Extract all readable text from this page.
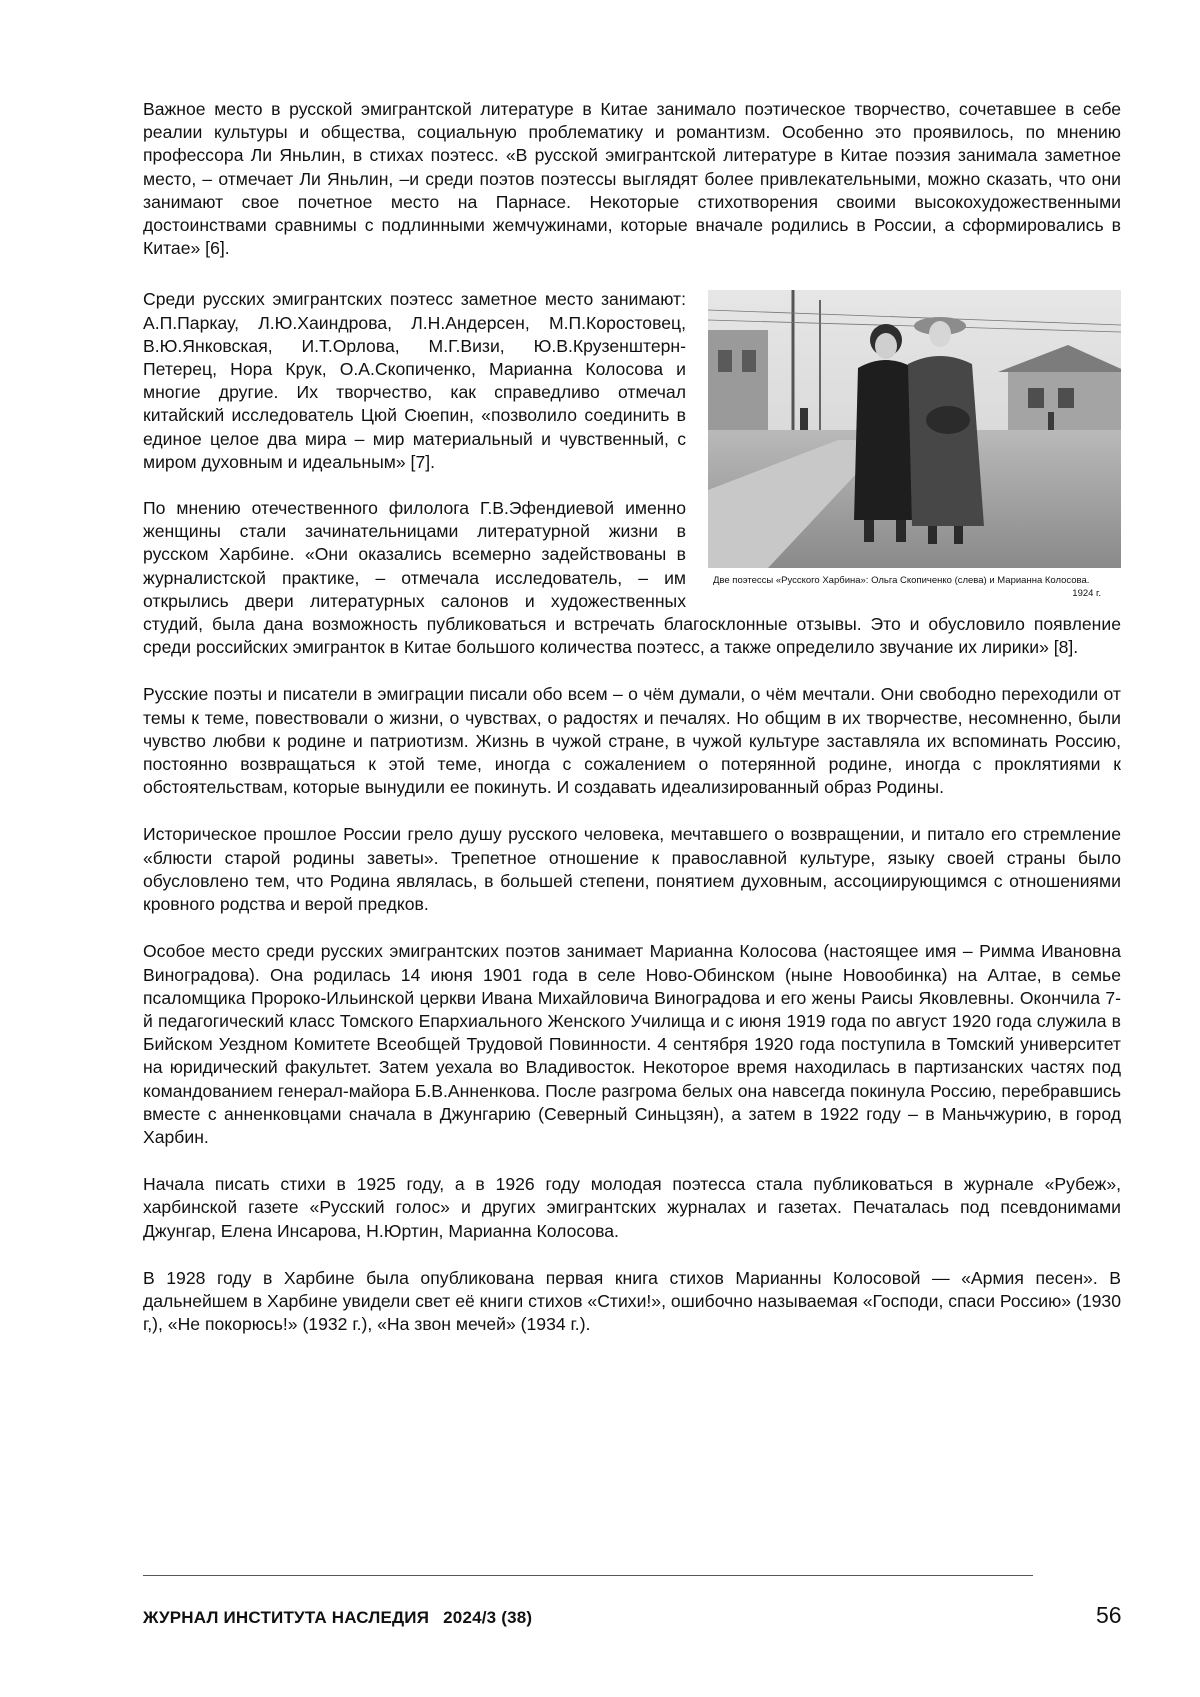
Важное место в русской эмигрантской литературе в Китае занимало поэтическое творчество, сочетавшее в себе реалии культуры и общества, социальную проблематику и романтизм. Особенно это проявилось, по мнению профессора Ли Яньлин, в стихах поэтесс. «В русской эмигрантской литературе в Китае поэзия занимала заметное место, – отмечает Ли Яньлин, ‒и среди поэтов поэтессы выглядят более привлекательными, можно сказать, что они занимают свое почетное место на Парнасе. Некоторые стихотворения своими высокохудожественными достоинствами сравнимы с подлинными жемчужинами, которые вначале родились в России, а сформировались в Китае» [6].

Две поэтессы «Русского Харбина»: Ольга Скопиченко (слева) и Марианна Колосова.
1924 г.

Среди русских эмигрантских поэтесс заметное место занимают: А.П.Паркау, Л.Ю.Хаиндрова, Л.Н.Андерсен, М.П.Коростовец, В.Ю.Янковская, И.Т.Орлова, М.Г.Визи, Ю.В.Крузенштерн-Петерец, Нора Крук, О.А.Скопиченко, Марианна Колосова и многие другие. Их творчество, как справедливо отмечал китайский исследователь Цюй Сюепин, «позволило соединить в единое целое два мира – мир материальный и чувственный, с миром духовным и идеальным» [7].

По мнению отечественного филолога Г.В.Эфендиевой именно женщины стали зачинательницами литературной жизни в русском Харбине. «Они оказались всемерно задействованы в журналистской практике, ‒ отмечала исследователь, ‒ им открылись двери литературных салонов и художественных студий, была дана возможность публиковаться и встречать благосклонные отзывы. Это и обусловило появление среди российских эмигранток в Китае большого количества поэтесс, а также определило звучание их лирики» [8].

Русские поэты и писатели в эмиграции писали обо всем – о чём думали, о чём мечтали. Они свободно переходили от темы к теме, повествовали о жизни, о чувствах, о радостях и печалях. Но общим в их творчестве, несомненно, были чувство любви к родине и патриотизм. Жизнь в чужой стране, в чужой культуре заставляла их вспоминать Россию, постоянно возвращаться к этой теме, иногда с сожалением о потерянной родине, иногда с проклятиями к обстоятельствам, которые вынудили ее покинуть. И создавать идеализированный образ Родины.

Историческое прошлое России грело душу русского человека, мечтавшего о возвращении, и питало его стремление «блюсти старой родины заветы». Трепетное отношение к православной культуре, языку своей страны было обусловлено тем, что Родина являлась, в большей степени, понятием духовным, ассоциирующимся с отношениями кровного родства и верой предков.

Особое место среди русских эмигрантских поэтов занимает Марианна Колосова (настоящее имя – Римма Ивановна Виноградова). Она родилась 14 июня 1901 года в селе Ново-Обинском (ныне Новообинка) на Алтае, в семье псаломщика Пророко-Ильинской церкви Ивана Михайловича Виноградова и его жены Раисы Яковлевны. Окончила 7-й педагогический класс Томского Епархиального Женского Училища и с июня 1919 года по август 1920 года служила в Бийском Уездном Комитете Всеобщей Трудовой Повинности. 4 сентября 1920 года поступила в Томский университет на юридический факультет. Затем уехала во Владивосток. Некоторое время находилась в партизанских частях под командованием генерал-майора Б.В.Анненкова. После разгрома белых она навсегда покинула Россию, перебравшись вместе с анненковцами сначала в Джунгарию (Северный Синьцзян), а затем в 1922 году – в Маньчжурию, в город Харбин.

Начала писать стихи в 1925 году, а в 1926 году молодая поэтесса стала публиковаться в журнале «Рубеж», харбинской газете «Русский голос» и других эмигрантских журналах и газетах. Печаталась под псевдонимами Джунгар, Елена Инсарова, Н.Юртин, Марианна Колосова.

В 1928 году в Харбине была опубликована первая книга стихов Марианны Колосовой — «Армия песен». В дальнейшем в Харбине увидели свет её книги стихов «Стихи!», ошибочно называемая «Господи, спаси Россию» (1930 г,), «Не покорюсь!» (1932 г.), «На звон мечей» (1934 г.).

ЖУРНАЛ ИНСТИТУТА НАСЛЕДИЯ 2024/3 (38)	56
